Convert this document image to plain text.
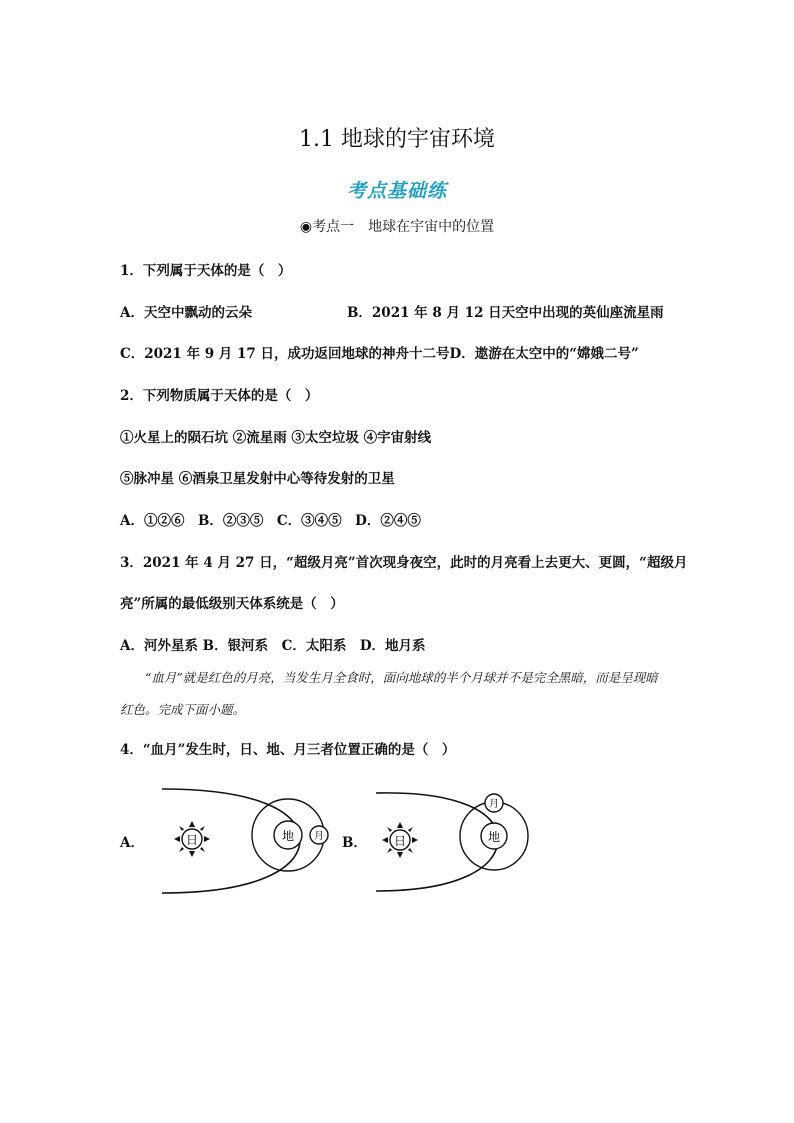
1.1 地球的宇宙环境
考点基础练
◉考点一　地球在宇宙中的位置
1．下列属于天体的是（　）
A．天空中飘动的云朵	B．2021 年 8 月 12 日天空中出现的英仙座流星雨
C．2021 年 9 月 17 日，成功返回地球的神舟十二号D．遨游在太空中的“嫦娥二号”
2．下列物质属于天体的是（　）
①火星上的陨石坑 ②流星雨 ③太空垃圾 ④宇宙射线
⑤脉冲星 ⑥酒泉卫星发射中心等待发射的卫星
A．①②⑥　B．②③⑤　C．③④⑤　D．②④⑤
3．2021 年 4 月 27 日，“超级月亮”首次现身夜空，此时的月亮看上去更大、更圆，“超级月
亮”所属的最低级别天体系统是（　）
A．河外星系 B．银河系　C．太阳系　D．地月系
“血月”就是红色的月亮，当发生月全食时，面向地球的半个月球并不是完全黑暗，而是呈现暗红色。完成下面小题。
4．“血月”发生时，日、地、月三者位置正确的是（　）
A．	日	地 月 B． 日	地
月
